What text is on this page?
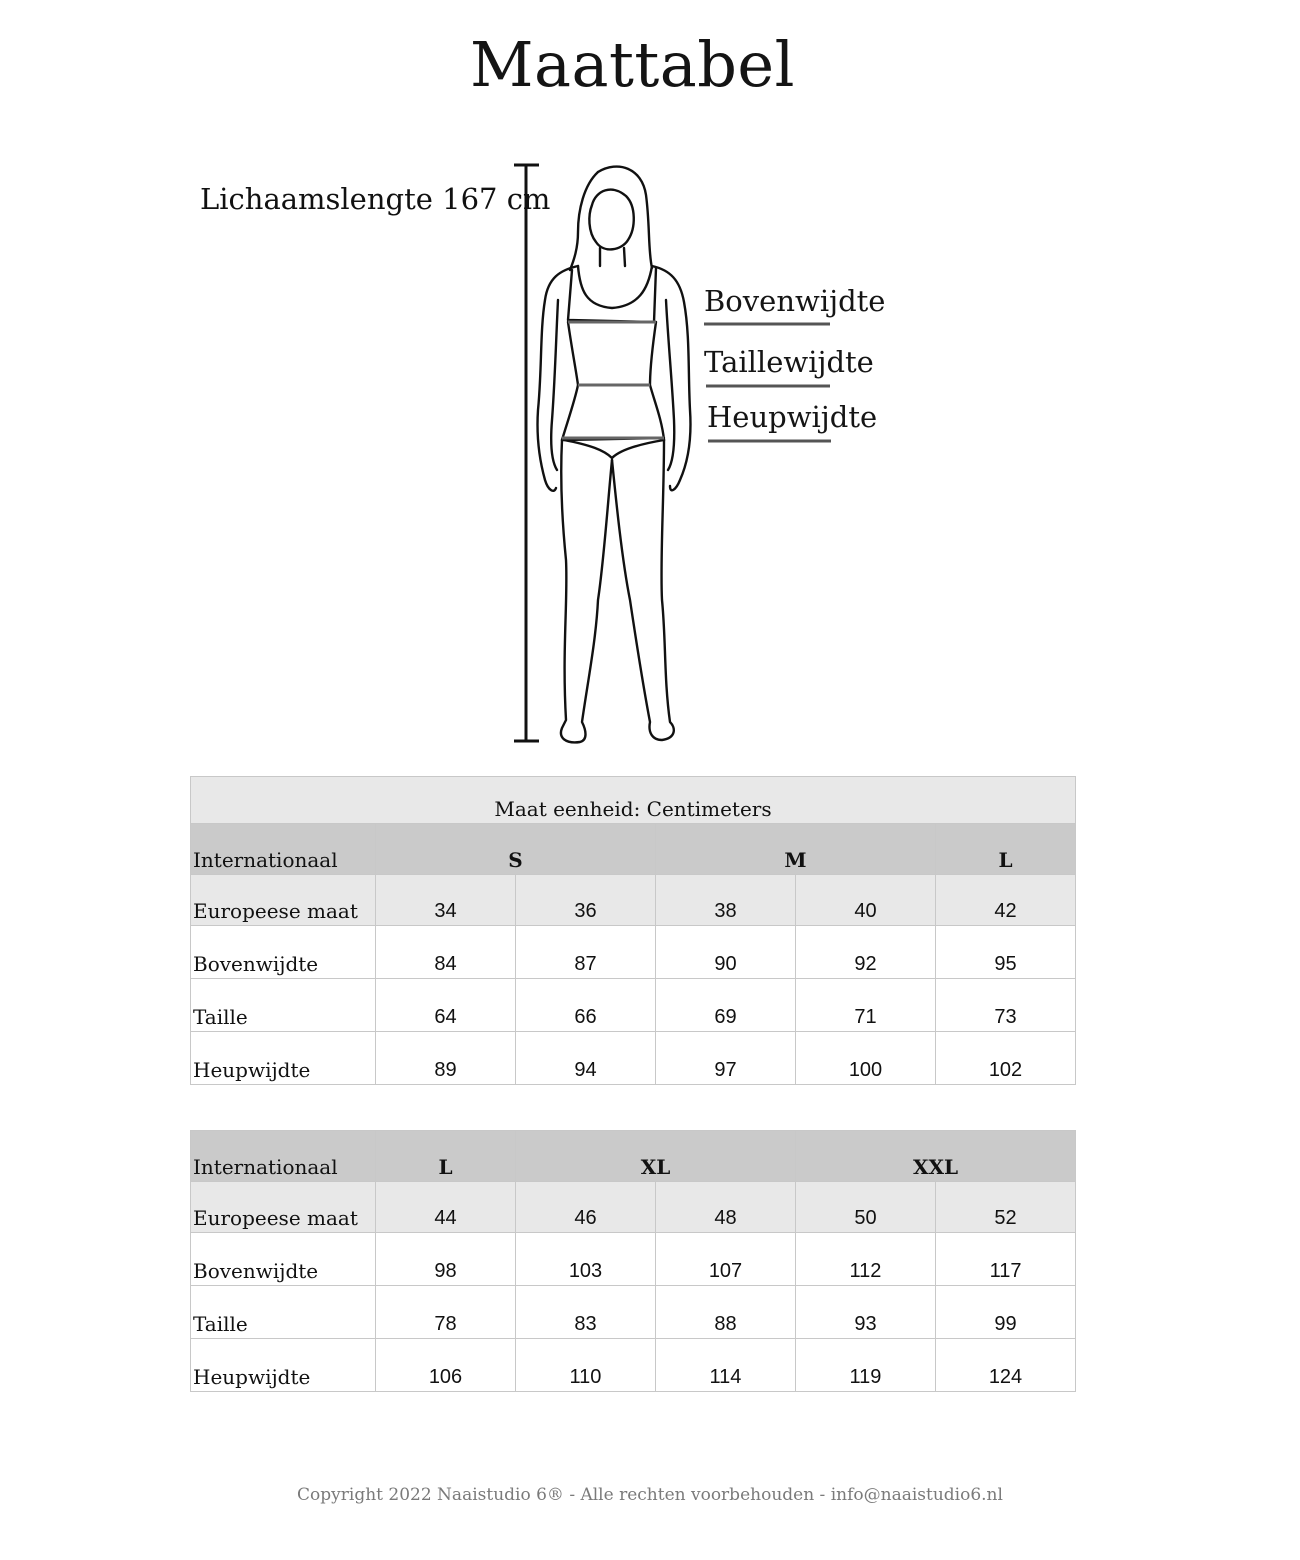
Maattabel
Lichaamslengte 167 cm
Bovenwijdte
Taillewijdte
Heupwijdte
Maat eenheid: Centimeters					
Internationaal	S		M		L
Europeese maat	34	36	38	40	42
Bovenwijdte	84	87	90	92	95
Taille	64	66	69	71	73
Heupwijdte	89	94	97	100	102
Internationaal	L	XL		XXL	
Europeese maat	44	46	48	50	52
Bovenwijdte	98	103	107	112	117
Taille	78	83	88	93	99
Heupwijdte	106	110	114	119	124
Copyright 2022 Naaistudio 6® - Alle rechten voorbehouden - info@naaistudio6.nl
